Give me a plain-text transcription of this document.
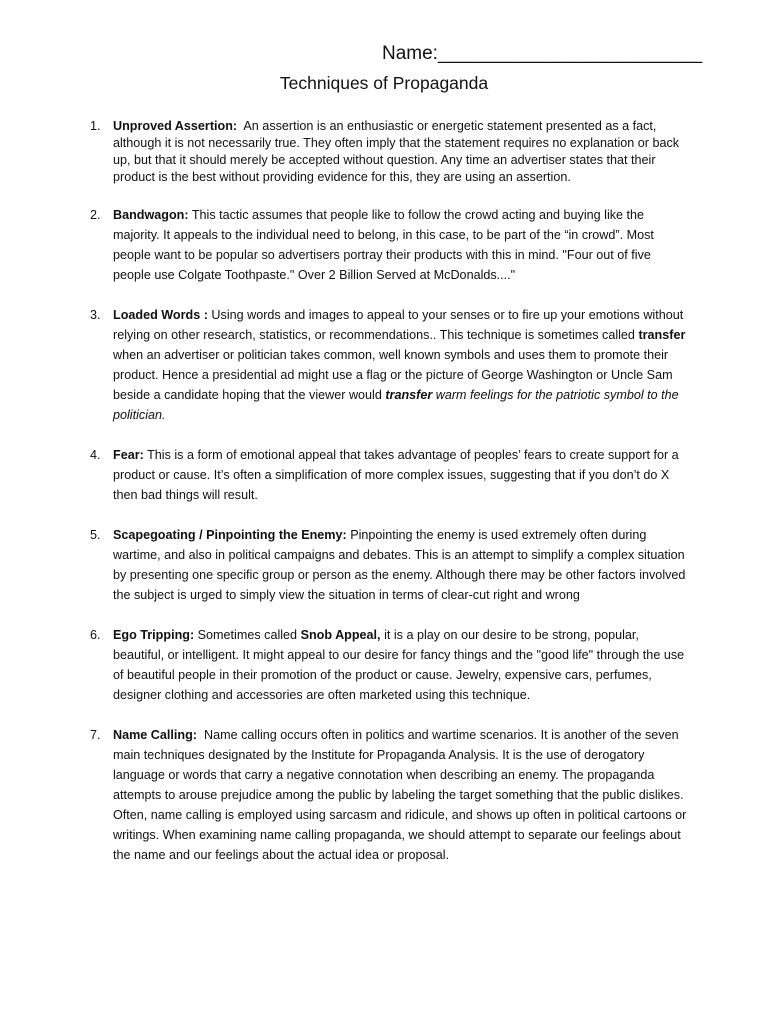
Name:_________________________
Techniques of Propaganda
1. Unproved Assertion: An assertion is an enthusiastic or energetic statement presented as a fact, although it is not necessarily true. They often imply that the statement requires no explanation or back up, but that it should merely be accepted without question. Any time an advertiser states that their product is the best without providing evidence for this, they are using an assertion.

2. Bandwagon: This tactic assumes that people like to follow the crowd acting and buying like the majority. It appeals to the individual need to belong, in this case, to be part of the “in crowd”. Most people want to be popular so advertisers portray their products with this in mind. "Four out of five people use Colgate Toothpaste." Over 2 Billion Served at McDonalds...."

3. Loaded Words : Using words and images to appeal to your senses or to fire up your emotions without relying on other research, statistics, or recommendations.. This technique is sometimes called transfer when an advertiser or politician takes common, well known symbols and uses them to promote their product. Hence a presidential ad might use a flag or the picture of George Washington or Uncle Sam beside a candidate hoping that the viewer would transfer warm feelings for the patriotic symbol to the politician.

4. Fear: This is a form of emotional appeal that takes advantage of peoples’ fears to create support for a product or cause. It’s often a simplification of more complex issues, suggesting that if you don’t do X then bad things will result.

5. Scapegoating / Pinpointing the Enemy: Pinpointing the enemy is used extremely often during wartime, and also in political campaigns and debates. This is an attempt to simplify a complex situation by presenting one specific group or person as the enemy. Although there may be other factors involved the subject is urged to simply view the situation in terms of clear-cut right and wrong

6. Ego Tripping: Sometimes called Snob Appeal, it is a play on our desire to be strong, popular, beautiful, or intelligent. It might appeal to our desire for fancy things and the "good life" through the use of beautiful people in their promotion of the product or cause. Jewelry, expensive cars, perfumes, designer clothing and accessories are often marketed using this technique.

7. Name Calling: Name calling occurs often in politics and wartime scenarios. It is another of the seven main techniques designated by the Institute for Propaganda Analysis. It is the use of derogatory language or words that carry a negative connotation when describing an enemy. The propaganda attempts to arouse prejudice among the public by labeling the target something that the public dislikes. Often, name calling is employed using sarcasm and ridicule, and shows up often in political cartoons or writings. When examining name calling propaganda, we should attempt to separate our feelings about the name and our feelings about the actual idea or proposal.
